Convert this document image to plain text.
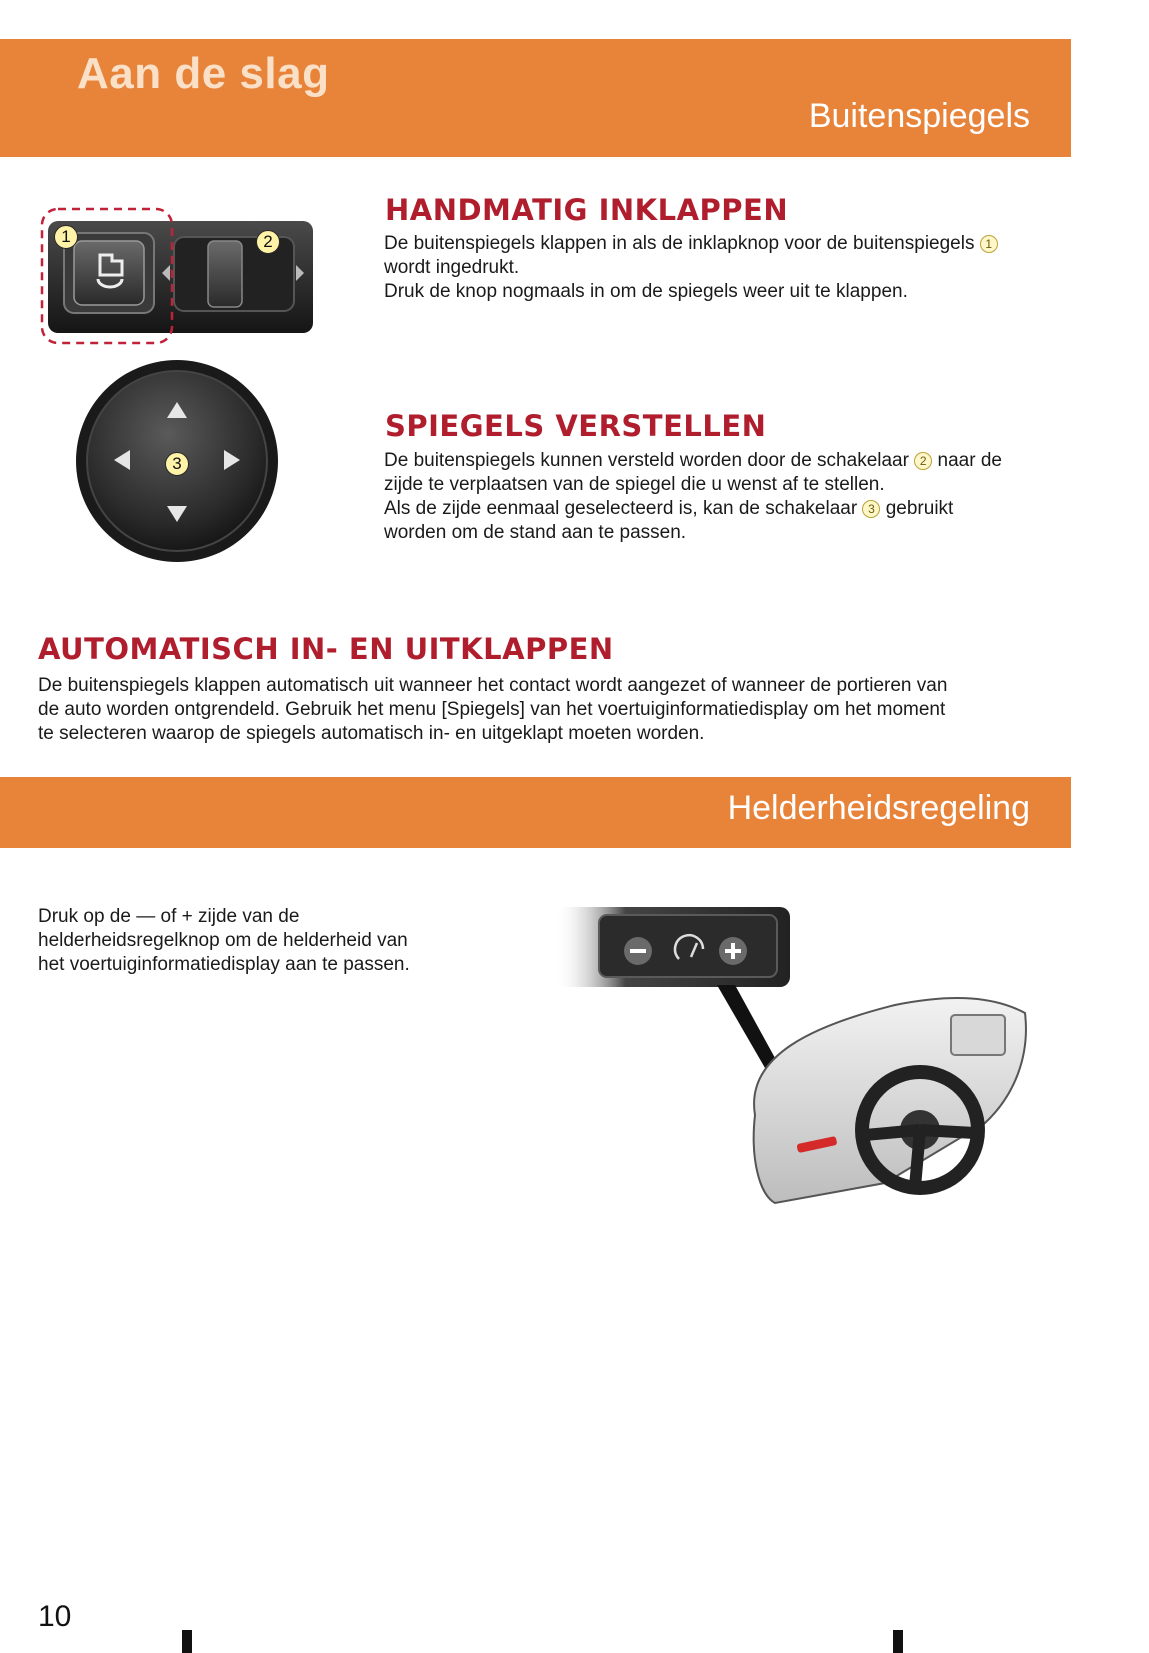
Aan de slag
Buitenspiegels
1	2
3
HANDMATIG INKLAPPEN
De buitenspiegels klappen in als de inklapknop voor de buitenspiegels 1
wordt ingedrukt.
Druk de knop nogmaals in om de spiegels weer uit te klappen.
SPIEGELS VERSTELLEN
De buitenspiegels kunnen versteld worden door de schakelaar 2 naar de
zijde te verplaatsen van de spiegel die u wenst af te stellen.
Als de zijde eenmaal geselecteerd is, kan de schakelaar 3 gebruikt
worden om de stand aan te passen.
AUTOMATISCH IN- EN UITKLAPPEN
De buitenspiegels klappen automatisch uit wanneer het contact wordt aangezet of wanneer de portieren van
de auto worden ontgrendeld. Gebruik het menu [Spiegels] van het voertuiginformatiedisplay om het moment
te selecteren waarop de spiegels automatisch in- en uitgeklapt moeten worden.
Helderheidsregeling
Druk op de — of + zijde van de
helderheidsregelknop om de helderheid van
het voertuiginformatiedisplay aan te passen.
10
